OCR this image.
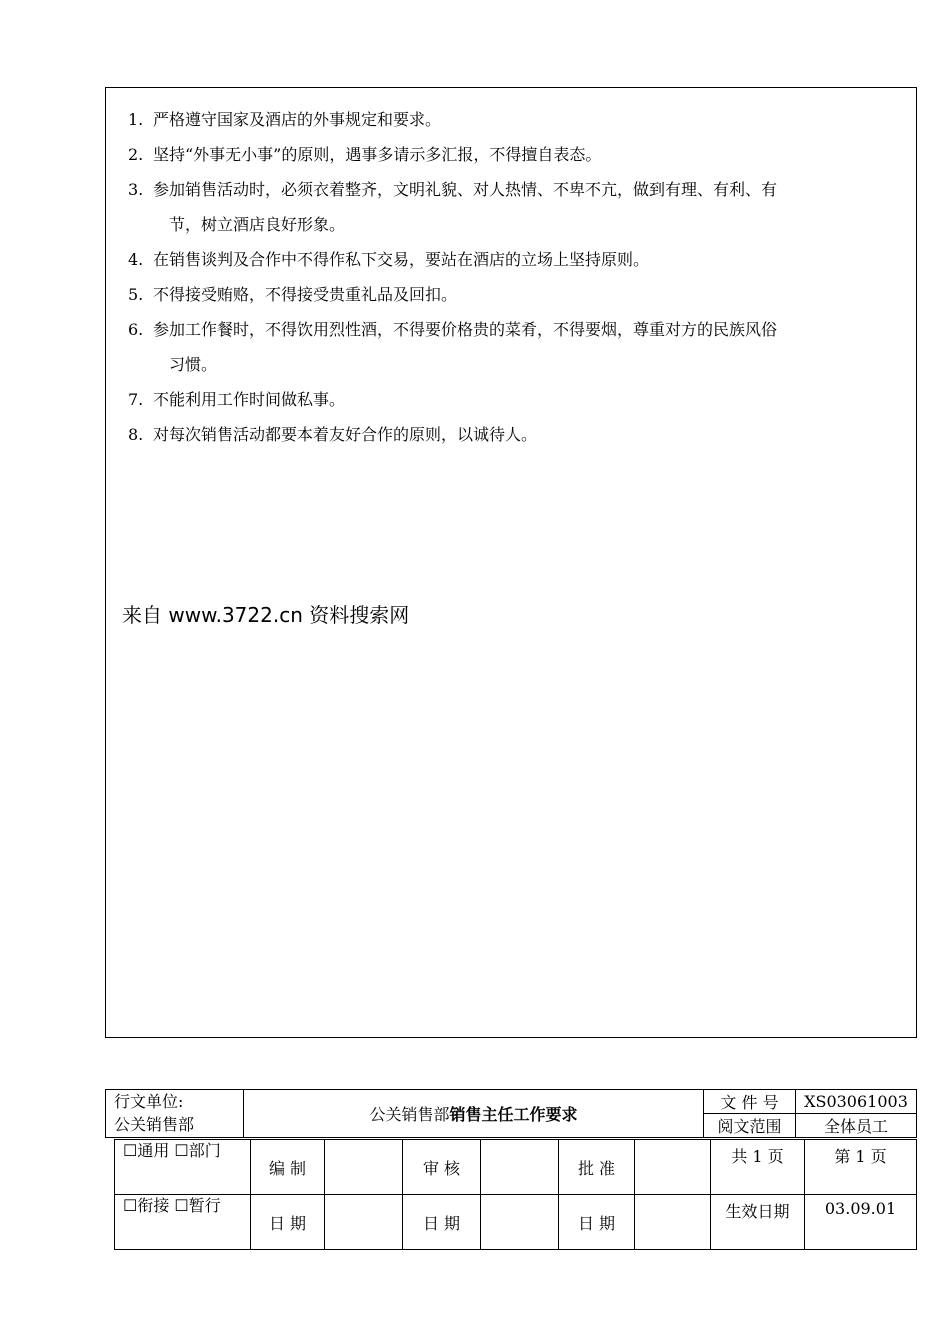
1. 严格遵守国家及酒店的外事规定和要求。
2. 坚持“外事无小事”的原则，遇事多请示多汇报，不得擅自表态。
3. 参加销售活动时，必须衣着整齐，文明礼貌、对人热情、不卑不亢，做到有理、有利、有
节，树立酒店良好形象。
4. 在销售谈判及合作中不得作私下交易，要站在酒店的立场上坚持原则。
5. 不得接受贿赂，不得接受贵重礼品及回扣。
6. 参加工作餐时，不得饮用烈性酒，不得要价格贵的菜肴，不得要烟，尊重对方的民族风俗
习惯。
7. 不能利用工作时间做私事。
8. 对每次销售活动都要本着友好合作的原则，以诚待人。
来自 www.3722.cn 资料搜索网
行文单位:
公关销售部	公关销售部销售主任工作要求	文 件 号	XS03061003
		阅文范围	全体员工
☐通用 ☐部门	编 制		审 核		批 准		共 1 页	第 1 页
☐衔接 ☐暂行	日 期		日 期		日 期		生效日期	03.09.01
